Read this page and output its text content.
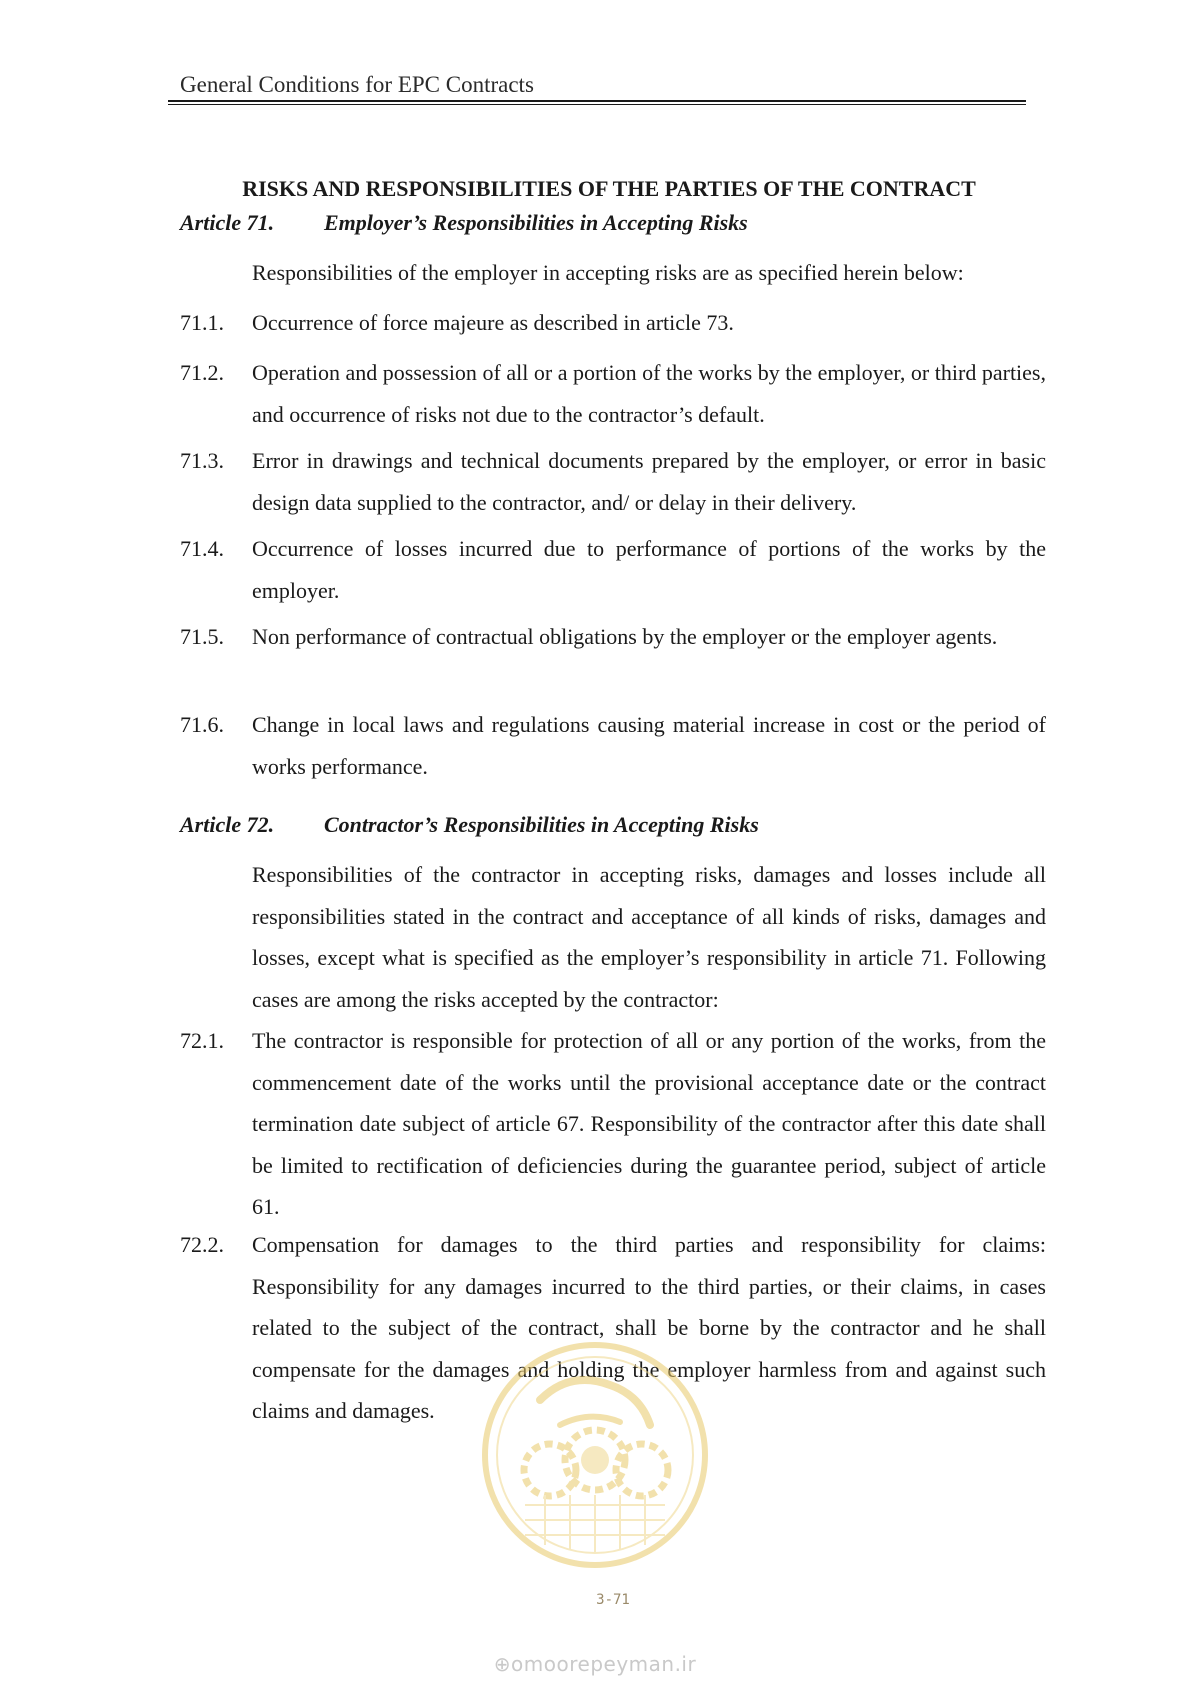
General Conditions for EPC Contracts
RISKS AND RESPONSIBILITIES OF THE PARTIES OF THE CONTRACT
Article 71. Employer’s Responsibilities in Accepting Risks
Responsibilities of the employer in accepting risks are as specified herein below:
71.1.	Occurrence of force majeure as described in article 73.
71.2.	Operation and possession of all or a portion of the works by the employer, or third parties, and occurrence of risks not due to the contractor’s default.
71.3.	Error in drawings and technical documents prepared by the employer, or error in basic design data supplied to the contractor, and/ or delay in their delivery.
71.4.	Occurrence of losses incurred due to performance of portions of the works by the employer.
71.5.	Non performance of contractual obligations by the employer or the employer agents.
71.6.	Change in local laws and regulations causing material increase in cost or the period of works performance.
Article 72. Contractor’s Responsibilities in Accepting Risks
Responsibilities of the contractor in accepting risks, damages and losses include all responsibilities stated in the contract and acceptance of all kinds of risks, damages and losses, except what is specified as the employer’s responsibility in article 71. Following cases are among the risks accepted by the contractor:
72.1.	The contractor is responsible for protection of all or any portion of the works, from the commencement date of the works until the provisional acceptance date or the contract termination date subject of article 67. Responsibility of the contractor after this date shall be limited to rectification of deficiencies during the guarantee period, subject of article 61.
72.2.	Compensation for damages to the third parties and responsibility for claims: Responsibility for any damages incurred to the third parties, or their claims, in cases related to the subject of the contract, shall be borne by the contractor and he shall compensate for the damages and holding the employer harmless from and against such claims and damages.
3-71
⊕omoorepeyman.ir
